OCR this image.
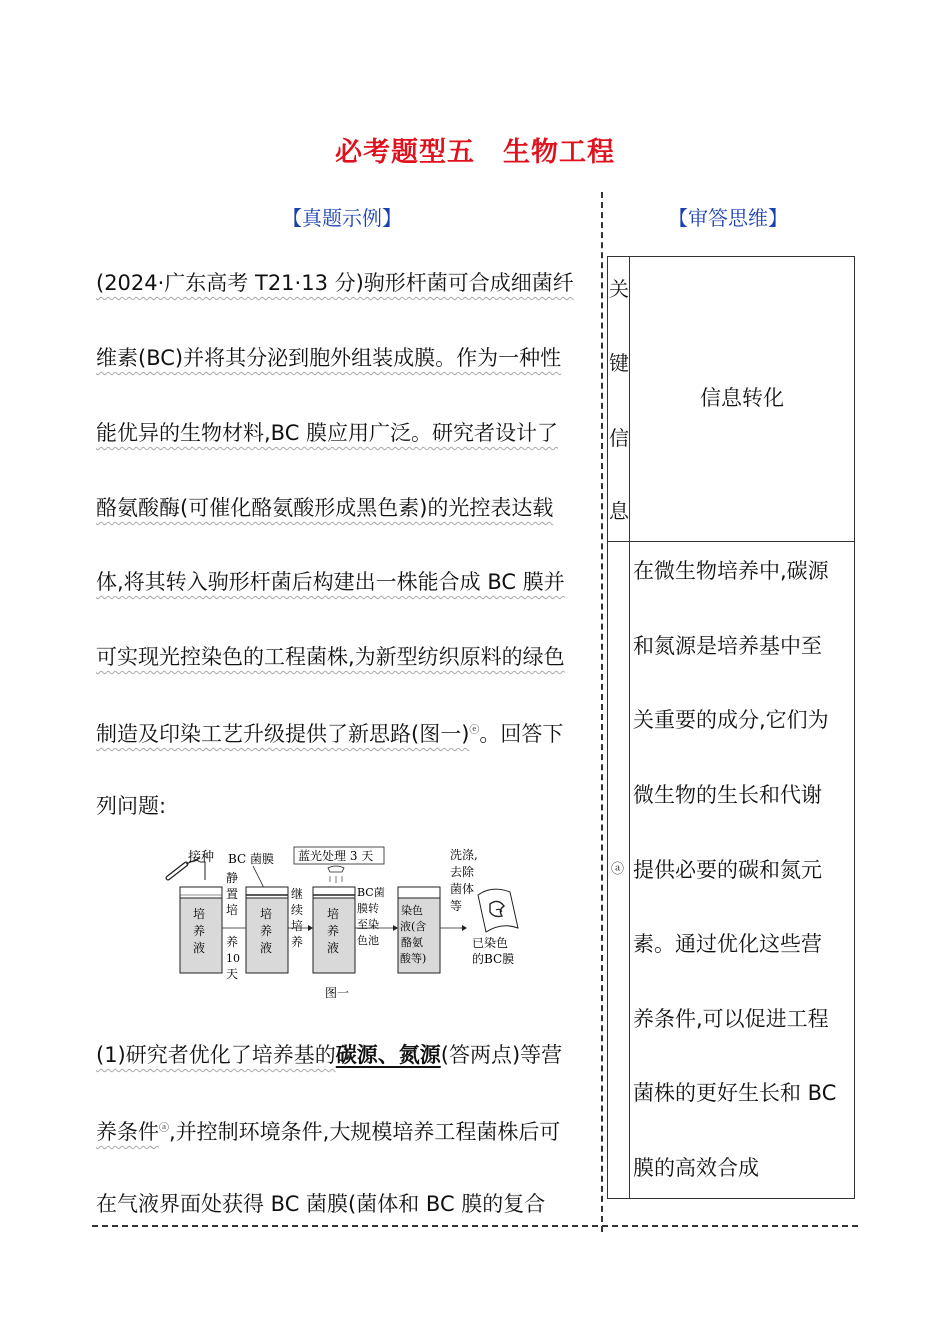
必考题型五　生物工程
【真题示例】	【审答思维】
(2024·广东高考 T21·13 分)驹形杆菌可合成细菌纤
维素(BC)并将其分泌到胞外组装成膜。作为一种性
能优异的生物材料,BC 膜应用广泛。研究者设计了
酪氨酸酶(可催化酪氨酸形成黑色素)的光控表达载
体,将其转入驹形杆菌后构建出一株能合成 BC 膜并
可实现光控染色的工程菌株,为新型纺织原料的绿色
制造及印染工艺升级提供了新思路(图一)ⓔ。回答下
列问题:
接种 BC 菌膜 蓝光处理 3 天	洗涤,
去除
菌体
等
培
养
液
静
置
培
养
10
天
培
养
液
继
续
培
养
培
养
液
BC菌
膜转
至染
色池
染色
液(含
酪氨
酸等)
已染色
的BC膜
图一
(1)研究者优化了培养基的碳源、氮源(答两点)等营
养条件ⓐ,并控制环境条件,大规模培养工程菌株后可
在气液界面处获得 BC 菌膜(菌体和 BC 膜的复合
关
键
信
息
信息转化
ⓐ
在微生物培养中,碳源
和氮源是培养基中至
关重要的成分,它们为
微生物的生长和代谢
提供必要的碳和氮元
素。通过优化这些营
养条件,可以促进工程
菌株的更好生长和 BC
膜的高效合成
